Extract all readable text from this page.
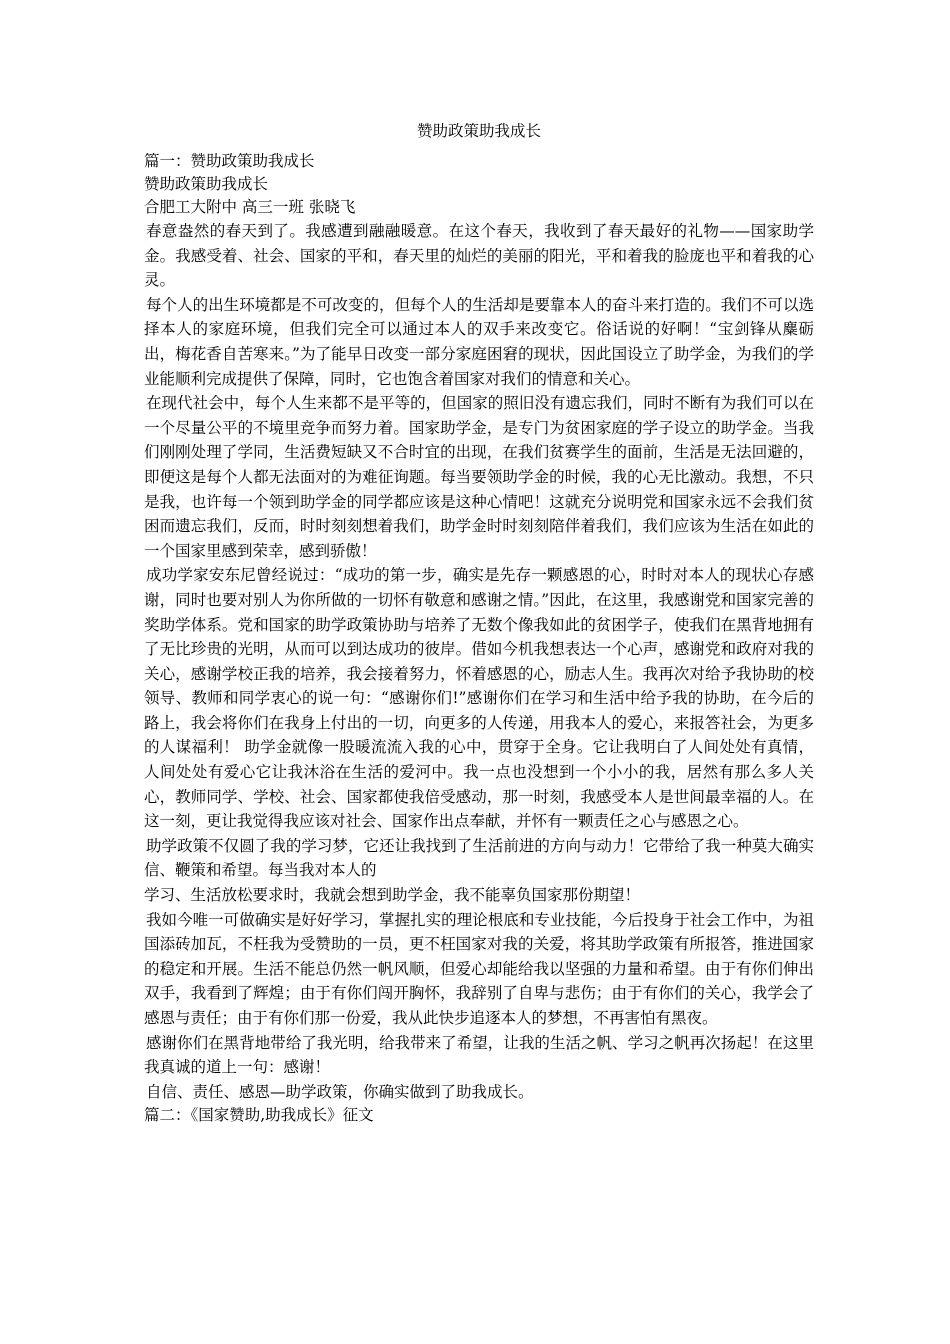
赞助政策助我成长
篇一：赞助政策助我成长
赞助政策助我成长
合肥工大附中 高三一班 张晓飞

春意盎然的春天到了。我感遭到融融暖意。在这个春天，我收到了春天最好的礼物——国家助学金。我感受着、社会、国家的平和，春天里的灿烂的美丽的阳光，平和着我的脸庞也平和着我的心灵。

每个人的出生环境都是不可改变的，但每个人的生活却是要靠本人的奋斗来打造的。我们不可以选择本人的家庭环境，但我们完全可以通过本人的双手来改变它。俗话说的好啊！“宝剑锋从麋砺出，梅花香自苦寒来。”为了能早日改变一部分家庭困窘的现状，因此国设立了助学金，为我们的学业能顺利完成提供了保障，同时，它也饱含着国家对我们的情意和关心。

在现代社会中，每个人生来都不是平等的，但国家的照旧没有遗忘我们，同时不断有为我们可以在一个尽量公平的不境里竞争而努力着。国家助学金，是专门为贫困家庭的学子设立的助学金。当我们刚刚处理了学同，生活费短缺又不合时宜的出现，在我们贫赛学生的面前，生活是无法回避的，即便这是每个人都无法面对的为难征询题。每当要领助学金的时候，我的心无比激动。我想，不只是我，也许每一个领到助学金的同学都应该是这种心情吧！这就充分说明党和国家永远不会我们贫困而遗忘我们，反而，时时刻刻想着我们，助学金时时刻刻陪伴着我们，我们应该为生活在如此的一个国家里感到荣幸，感到骄傲！

成功学家安东尼曾经说过：“成功的第一步，确实是先存一颗感恩的心，时时对本人的现状心存感谢，同时也要对别人为你所做的一切怀有敬意和感谢之情。”因此，在这里，我感谢党和国家完善的奖助学体系。党和国家的助学政策协助与培养了无数个像我如此的贫困学子，使我们在黑背地拥有了无比珍贵的光明，从而可以到达成功的彼岸。借如今机我想表达一个心声，感谢党和政府对我的关心，感谢学校正我的培养，我会接着努力，怀着感恩的心，励志人生。我再次对给予我协助的校领导、教师和同学衷心的说一句：“感谢你们!”感谢你们在学习和生活中给予我的协助，在今后的路上，我会将你们在我身上付出的一切，向更多的人传递，用我本人的爱心，来报答社会，为更多的人谋福利！ 助学金就像一股暖流流入我的心中，贯穿于全身。它让我明白了人间处处有真情，人间处处有爱心它让我沐浴在生活的爱河中。我一点也没想到一个小小的我，居然有那么多人关心，教师同学、学校、社会、国家都使我倍受感动，那一时刻，我感受本人是世间最幸福的人。在这一刻，更让我觉得我应该对社会、国家作出点奉献，并怀有一颗责任之心与感恩之心。

助学政策不仅圆了我的学习梦，它还让我找到了生活前进的方向与动力！它带给了我一种莫大确实信、鞭策和希望。每当我对本人的

学习、生活放松要求时，我就会想到助学金，我不能辜负国家那份期望！

我如今唯一可做确实是好好学习，掌握扎实的理论根底和专业技能，今后投身于社会工作中，为祖国添砖加瓦，不枉我为受赞助的一员，更不枉国家对我的关爱，将其助学政策有所报答，推进国家的稳定和开展。生活不能总仍然一帆风顺，但爱心却能给我以坚强的力量和希望。由于有你们伸出双手，我看到了辉煌；由于有你们闯开胸怀，我辞别了自卑与悲伤；由于有你们的关心，我学会了感恩与责任；由于有你们那一份爱，我从此快步追逐本人的梦想，不再害怕有黑夜。

感谢你们在黑背地带给了我光明，给我带来了希望，让我的生活之帆、学习之帆再次扬起！在这里我真诚的道上一句：感谢！

自信、责任、感恩—助学政策，你确实做到了助我成长。

篇二：《国家赞助,助我成长》征文
